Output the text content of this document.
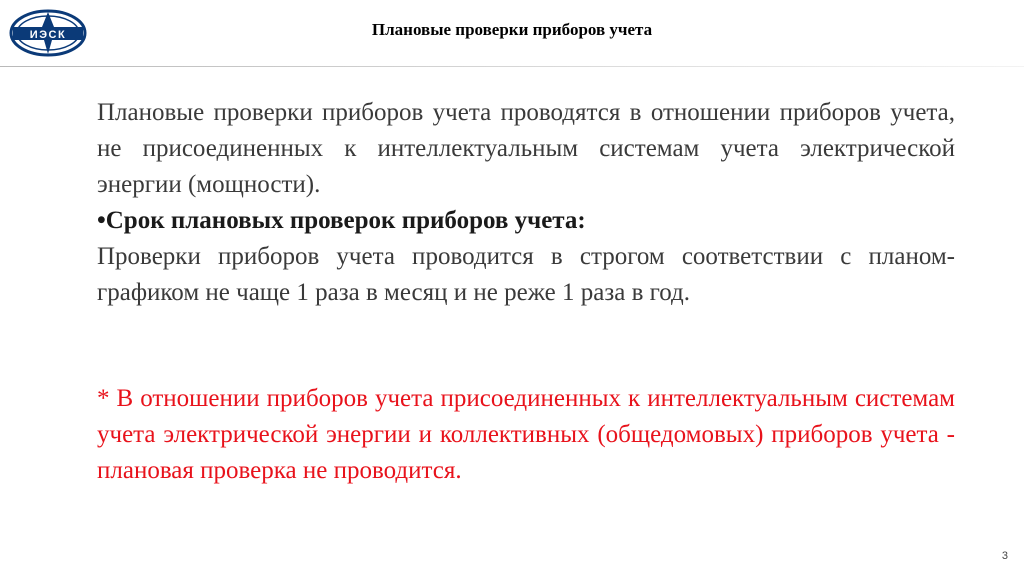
ИЭСК	Плановые проверки приборов учета

Плановые проверки приборов учета проводятся в отношении приборов учета, не присоединенных к интеллектуальным системам учета электрической энергии (мощности).

•Срок плановых проверок приборов учета:

Проверки приборов учета проводится в строгом соответствии с планом-графиком не чаще 1 раза в месяц и не реже 1 раза в год.

* В отношении приборов учета присоединенных к интеллектуальным системам учета электрической энергии и коллективных (общедомовых) приборов учета - плановая проверка не проводится.

3
